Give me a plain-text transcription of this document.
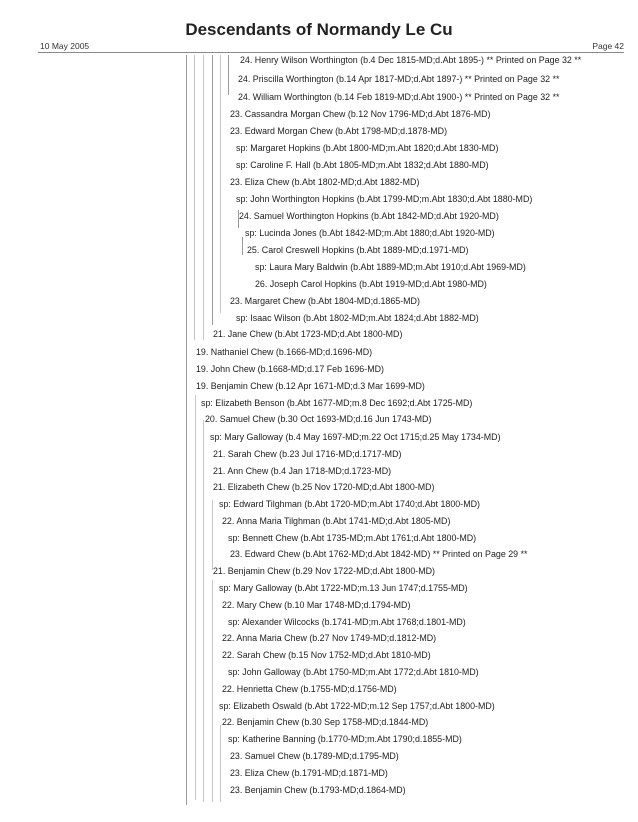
Descendants of Normandy Le Cu
10 May 2005	Page 42
24. Henry Wilson Worthington (b.4 Dec 1815-MD;d.Abt 1895-) ** Printed on Page 32 **
24. Priscilla Worthington (b.14 Apr 1817-MD;d.Abt 1897-) ** Printed on Page 32 **
24. William Worthington (b.14 Feb 1819-MD;d.Abt 1900-) ** Printed on Page 32 **
23. Cassandra Morgan Chew (b.12 Nov 1796-MD;d.Abt 1876-MD)
23. Edward Morgan Chew (b.Abt 1798-MD;d.1878-MD)
sp: Margaret Hopkins (b.Abt 1800-MD;m.Abt 1820;d.Abt 1830-MD)
sp: Caroline F. Hall (b.Abt 1805-MD;m.Abt 1832;d.Abt 1880-MD)
23. Eliza Chew (b.Abt 1802-MD;d.Abt 1882-MD)
sp: John Worthington Hopkins (b.Abt 1799-MD;m.Abt 1830;d.Abt 1880-MD)
24. Samuel Worthington Hopkins (b.Abt 1842-MD;d.Abt 1920-MD)
sp: Lucinda Jones (b.Abt 1842-MD;m.Abt 1880;d.Abt 1920-MD)
25. Carol Creswell Hopkins (b.Abt 1889-MD;d.1971-MD)
sp: Laura Mary Baldwin (b.Abt 1889-MD;m.Abt 1910;d.Abt 1969-MD)
26. Joseph Carol Hopkins (b.Abt 1919-MD;d.Abt 1980-MD)
23. Margaret Chew (b.Abt 1804-MD;d.1865-MD)
sp: Isaac Wilson (b.Abt 1802-MD;m.Abt 1824;d.Abt 1882-MD)
21. Jane Chew (b.Abt 1723-MD;d.Abt 1800-MD)
19. Nathaniel Chew (b.1666-MD;d.1696-MD)
19. John Chew (b.1668-MD;d.17 Feb 1696-MD)
19. Benjamin Chew (b.12 Apr 1671-MD;d.3 Mar 1699-MD)
sp: Elizabeth Benson (b.Abt 1677-MD;m.8 Dec 1692;d.Abt 1725-MD)
20. Samuel Chew (b.30 Oct 1693-MD;d.16 Jun 1743-MD)
sp: Mary Galloway (b.4 May 1697-MD;m.22 Oct 1715;d.25 May 1734-MD)
21. Sarah Chew (b.23 Jul 1716-MD;d.1717-MD)
21. Ann Chew (b.4 Jan 1718-MD;d.1723-MD)
21. Elizabeth Chew (b.25 Nov 1720-MD;d.Abt 1800-MD)
sp: Edward Tilghman (b.Abt 1720-MD;m.Abt 1740;d.Abt 1800-MD)
22. Anna Maria Tilghman (b.Abt 1741-MD;d.Abt 1805-MD)
sp: Bennett Chew (b.Abt 1735-MD;m.Abt 1761;d.Abt 1800-MD)
23. Edward Chew (b.Abt 1762-MD;d.Abt 1842-MD) ** Printed on Page 29 **
21. Benjamin Chew (b.29 Nov 1722-MD;d.Abt 1800-MD)
sp: Mary Galloway (b.Abt 1722-MD;m.13 Jun 1747;d.1755-MD)
22. Mary Chew (b.10 Mar 1748-MD;d.1794-MD)
sp: Alexander Wilcocks (b.1741-MD;m.Abt 1768;d.1801-MD)
22. Anna Maria Chew (b.27 Nov 1749-MD;d.1812-MD)
22. Sarah Chew (b.15 Nov 1752-MD;d.Abt 1810-MD)
sp: John Galloway (b.Abt 1750-MD;m.Abt 1772;d.Abt 1810-MD)
22. Henrietta Chew (b.1755-MD;d.1756-MD)
sp: Elizabeth Oswald (b.Abt 1722-MD;m.12 Sep 1757;d.Abt 1800-MD)
22. Benjamin Chew (b.30 Sep 1758-MD;d.1844-MD)
sp: Katherine Banning (b.1770-MD;m.Abt 1790;d.1855-MD)
23. Samuel Chew (b.1789-MD;d.1795-MD)
23. Eliza Chew (b.1791-MD;d.1871-MD)
23. Benjamin Chew (b.1793-MD;d.1864-MD)
